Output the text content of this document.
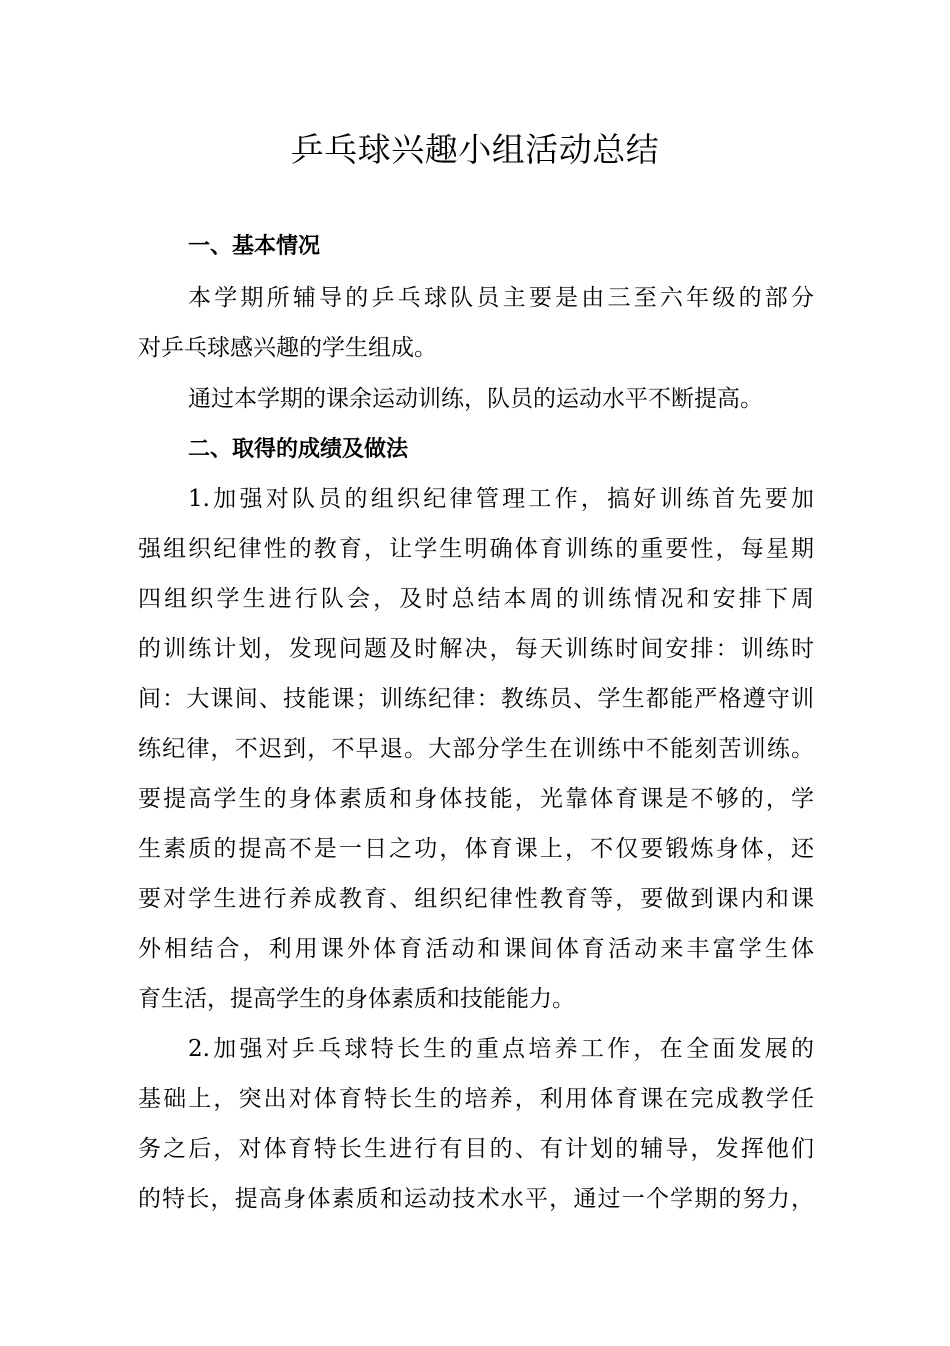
乒乓球兴趣小组活动总结
一、基本情况
本学期所辅导的乒乓球队员主要是由三至六年级的部分
对乒乓球感兴趣的学生组成。
通过本学期的课余运动训练，队员的运动水平不断提高。
二、取得的成绩及做法
1.加强对队员的组织纪律管理工作，搞好训练首先要加
强组织纪律性的教育，让学生明确体育训练的重要性，每星期
四组织学生进行队会，及时总结本周的训练情况和安排下周
的训练计划，发现问题及时解决，每天训练时间安排：训练时
间：大课间、技能课；训练纪律：教练员、学生都能严格遵守训
练纪律，不迟到，不早退。大部分学生在训练中不能刻苦训练。
要提高学生的身体素质和身体技能，光靠体育课是不够的，学
生素质的提高不是一日之功，体育课上，不仅要锻炼身体，还
要对学生进行养成教育、组织纪律性教育等，要做到课内和课
外相结合，利用课外体育活动和课间体育活动来丰富学生体
育生活，提高学生的身体素质和技能能力。
2.加强对乒乓球特长生的重点培养工作，在全面发展的
基础上，突出对体育特长生的培养，利用体育课在完成教学任
务之后，对体育特长生进行有目的、有计划的辅导，发挥他们
的特长，提高身体素质和运动技术水平，通过一个学期的努力，
